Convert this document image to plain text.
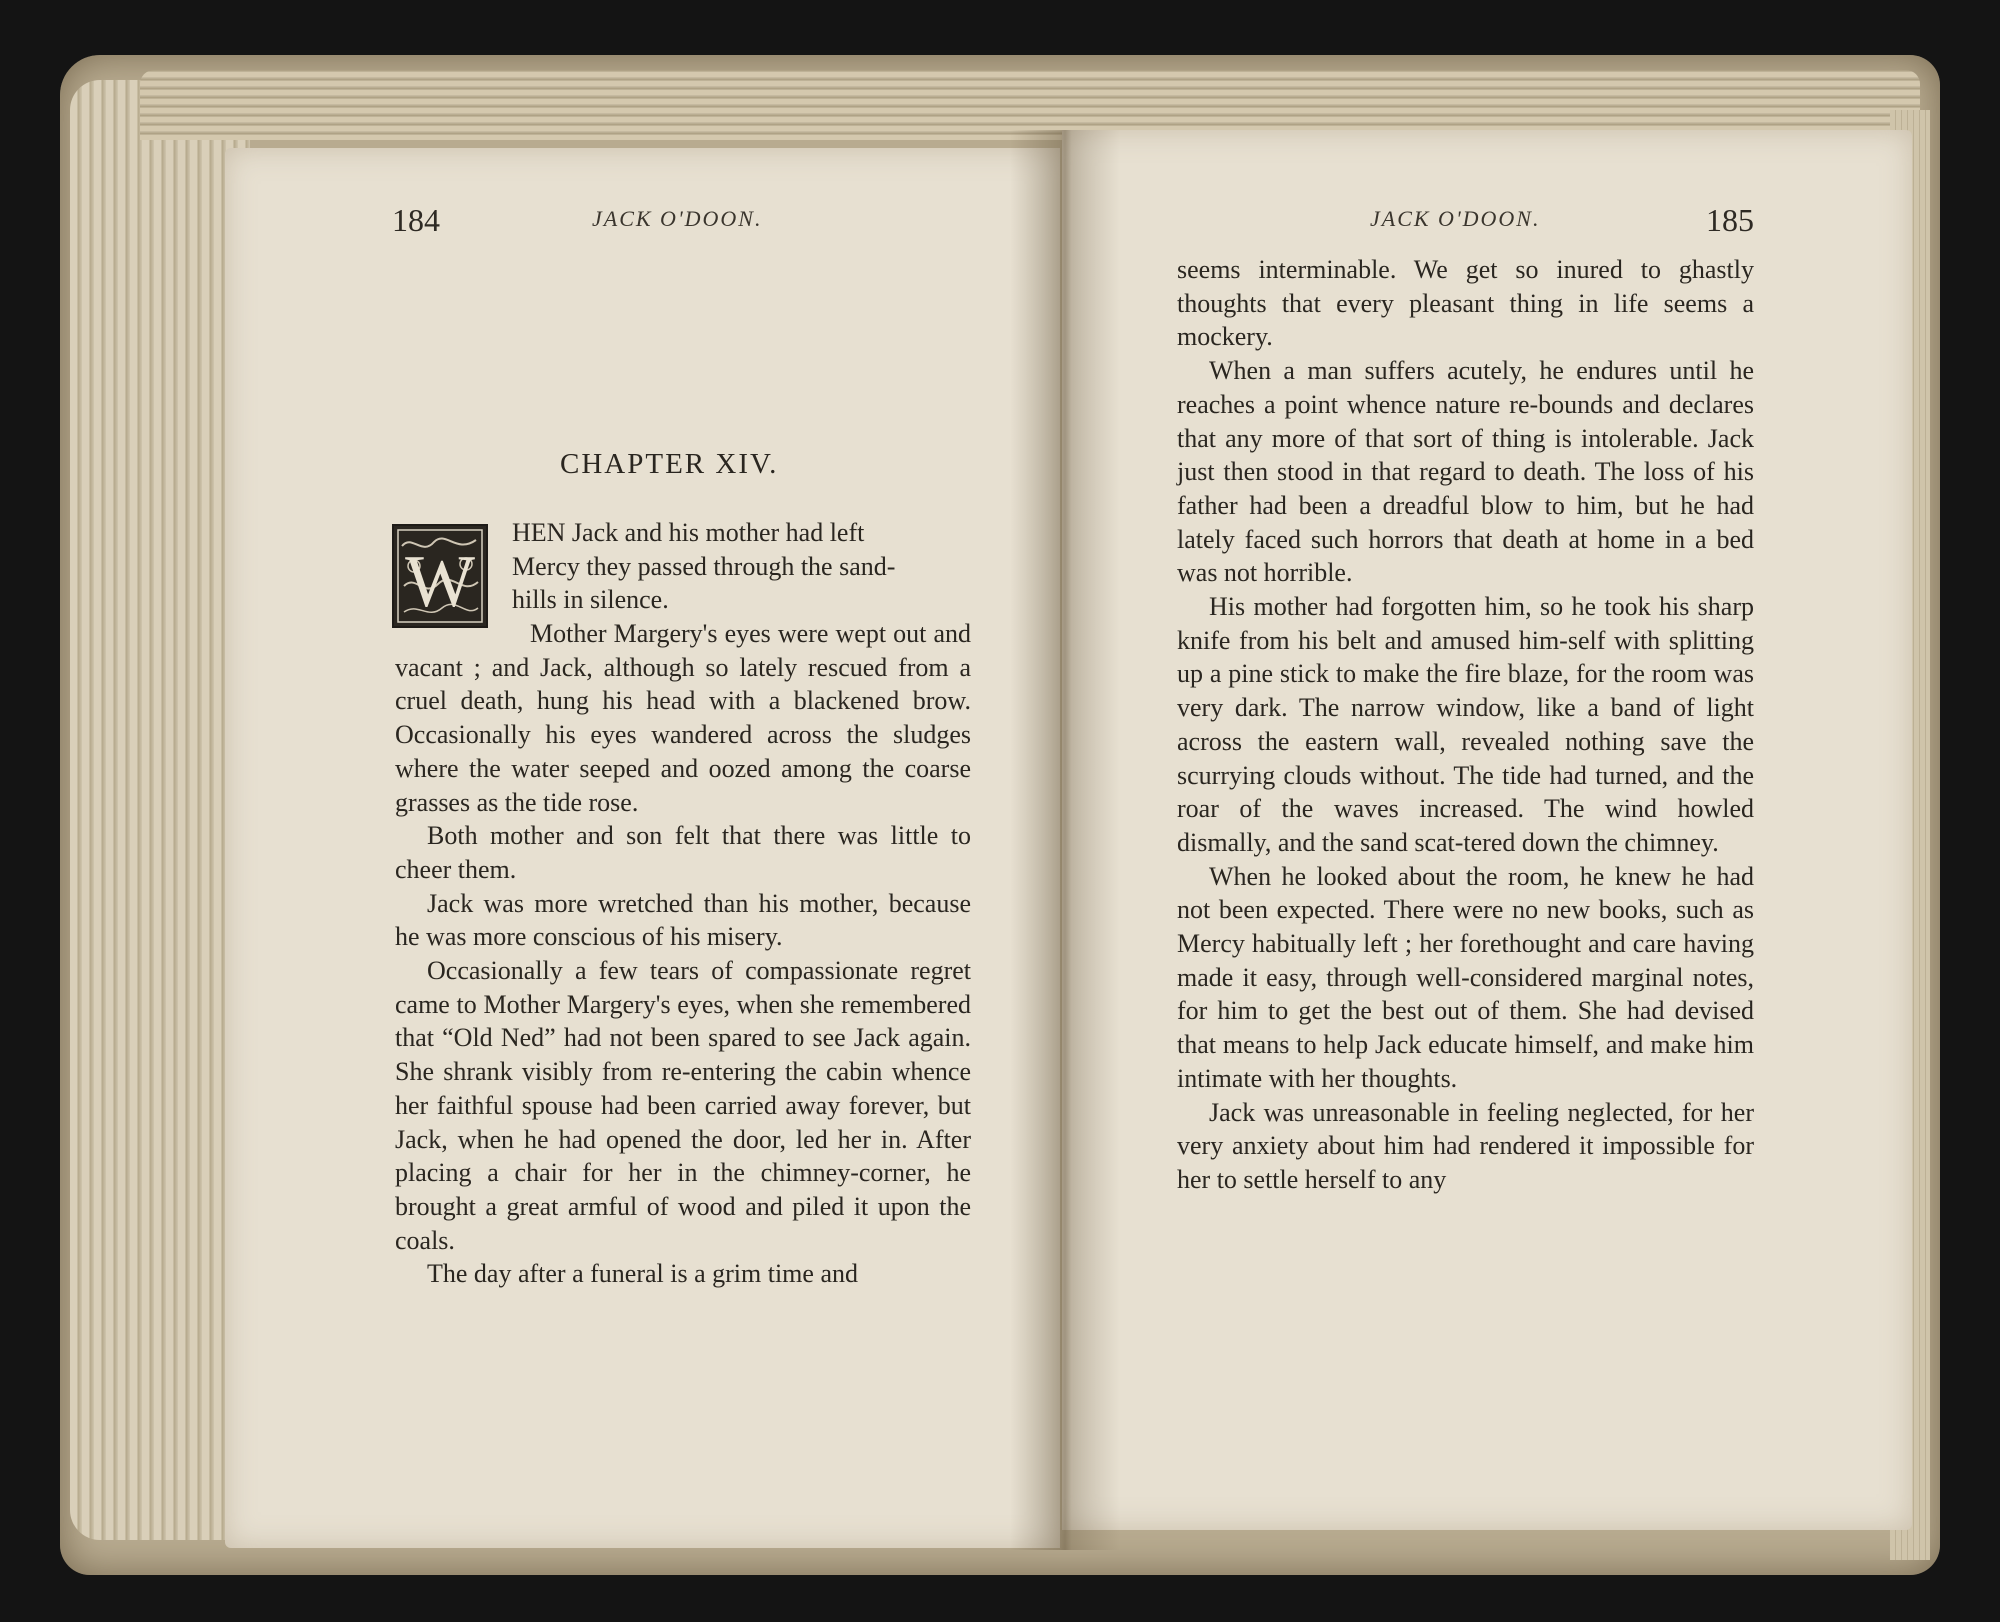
184	JACK O'DOON.
CHAPTER XIV.
W

HEN Jack and his mother had left

Mercy they passed through the sand-

hills in silence.

Mother Margery's eyes were wept out and vacant ; and Jack, although so lately rescued from a cruel death, hung his head with a blackened brow. Occasionally his eyes wandered across the sludges where the water seeped and oozed among the coarse grasses as the tide rose.

Both mother and son felt that there was little to cheer them.

Jack was more wretched than his mother, because he was more conscious of his misery.

Occasionally a few tears of compassionate regret came to Mother Margery's eyes, when she remembered that “Old Ned” had not been spared to see Jack again. She shrank visibly from re-entering the cabin whence her faithful spouse had been carried away forever, but Jack, when he had opened the door, led her in. After placing a chair for her in the chimney-corner, he brought a great armful of wood and piled it upon the coals.

The day after a funeral is a grim time and

JACK O'DOON.	185

seems interminable. We get so inured to ghastly thoughts that every pleasant thing in life seems a mockery.

When a man suffers acutely, he endures until he reaches a point whence nature re-bounds and declares that any more of that sort of thing is intolerable. Jack just then stood in that regard to death. The loss of his father had been a dreadful blow to him, but he had lately faced such horrors that death at home in a bed was not horrible.

His mother had forgotten him, so he took his sharp knife from his belt and amused him-self with splitting up a pine stick to make the fire blaze, for the room was very dark. The narrow window, like a band of light across the eastern wall, revealed nothing save the scurrying clouds without. The tide had turned, and the roar of the waves increased. The wind howled dismally, and the sand scat-tered down the chimney.

When he looked about the room, he knew he had not been expected. There were no new books, such as Mercy habitually left ; her forethought and care having made it easy, through well-considered marginal notes, for him to get the best out of them. She had devised that means to help Jack educate himself, and make him intimate with her thoughts.

Jack was unreasonable in feeling neglected, for her very anxiety about him had rendered it impossible for her to settle herself to any
